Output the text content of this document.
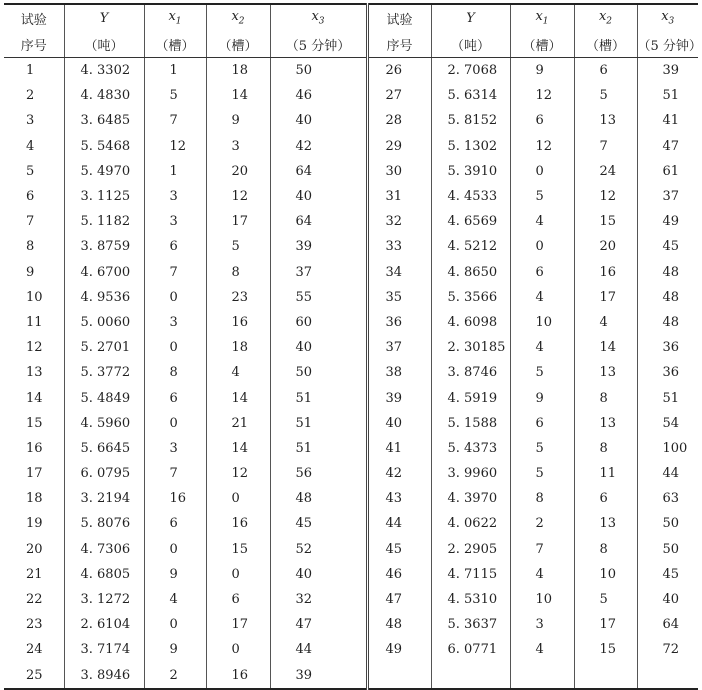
试验	Y	$x_1$	$x_2$	$x_3$	试验	Y	$x_1$	$x_2$	$x_3$
序号	（吨）	（槽）	（槽）	（5 分钟）	序号	（吨）	（槽）	（槽）	（5 分钟）
1	4. 3302	1	18	50	26	2. 7068	9	6	39
2	4. 4830	5	14	46	27	5. 6314	12	5	51
3	3. 6485	7	9	40	28	5. 8152	6	13	41
4	5. 5468	12	3	42	29	5. 1302	12	7	47
5	5. 4970	1	20	64	30	5. 3910	0	24	61
6	3. 1125	3	12	40	31	4. 4533	5	12	37
7	5. 1182	3	17	64	32	4. 6569	4	15	49
8	3. 8759	6	5	39	33	4. 5212	0	20	45
9	4. 6700	7	8	37	34	4. 8650	6	16	48
10	4. 9536	0	23	55	35	5. 3566	4	17	48
11	5. 0060	3	16	60	36	4. 6098	10	4	48
12	5. 2701	0	18	40	37	2. 30185	4	14	36
13	5. 3772	8	4	50	38	3. 8746	5	13	36
14	5. 4849	6	14	51	39	4. 5919	9	8	51
15	4. 5960	0	21	51	40	5. 1588	6	13	54
16	5. 6645	3	14	51	41	5. 4373	5	8	100
17	6. 0795	7	12	56	42	3. 9960	5	11	44
18	3. 2194	16	0	48	43	4. 3970	8	6	63
19	5. 8076	6	16	45	44	4. 0622	2	13	50
20	4. 7306	0	15	52	45	2. 2905	7	8	50
21	4. 6805	9	0	40	46	4. 7115	4	10	45
22	3. 1272	4	6	32	47	4. 5310	10	5	40
23	2. 6104	0	17	47	48	5. 3637	3	17	64
24	3. 7174	9	0	44	49	6. 0771	4	15	72
25	3. 8946	2	16	39					
